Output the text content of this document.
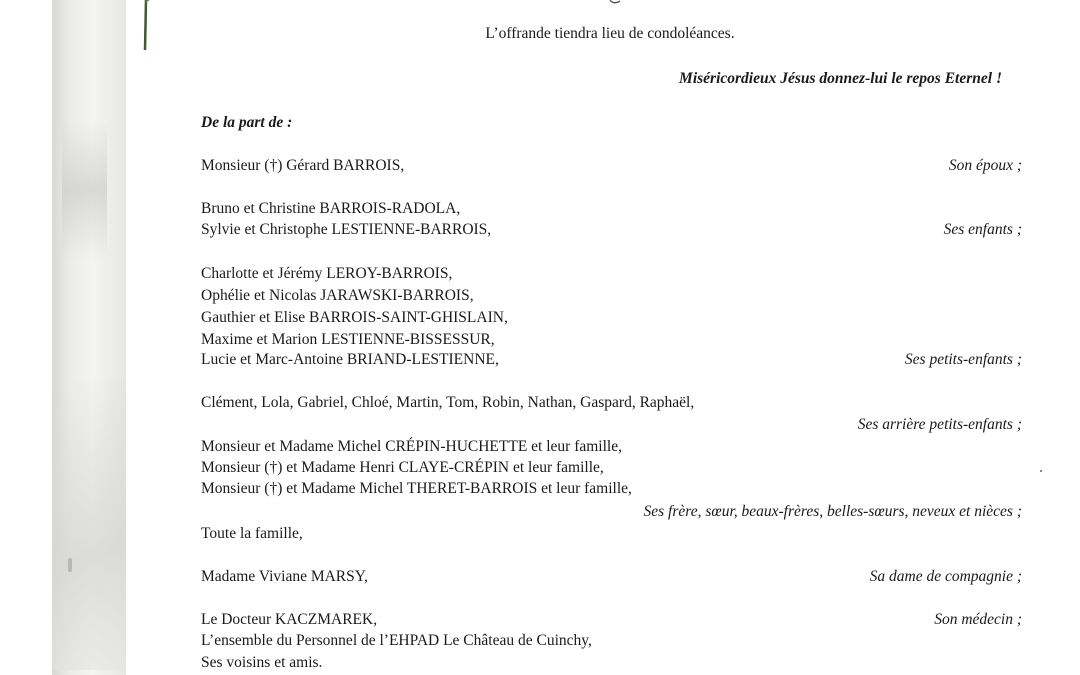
L’offrande tiendra lieu de condoléances.
Miséricordieux Jésus donnez-lui le repos Eternel !
De la part de :
Monsieur (†) Gérard BARROIS,	Son époux ;
Bruno et Christine BARROIS-RADOLA,
Sylvie et Christophe LESTIENNE-BARROIS,	Ses enfants ;
Charlotte et Jérémy LEROY-BARROIS,
Ophélie et Nicolas JARAWSKI-BARROIS,
Gauthier et Elise BARROIS-SAINT-GHISLAIN,
Maxime et Marion LESTIENNE-BISSESSUR,
Lucie et Marc-Antoine BRIAND-LESTIENNE,	Ses petits-enfants ;
Clément, Lola, Gabriel, Chloé, Martin, Tom, Robin, Nathan, Gaspard, Raphaël,
Ses arrière petits-enfants ;
Monsieur et Madame Michel CRÉPIN-HUCHETTE et leur famille,
Monsieur (†) et Madame Henri CLAYE-CRÉPIN et leur famille,
Monsieur (†) et Madame Michel THERET-BARROIS et leur famille,
Ses frère, sœur, beaux-frères, belles-sœurs, neveux et nièces ;
Toute la famille,
Madame Viviane MARSY,	Sa dame de compagnie ;
Le Docteur KACZMAREK,	Son médecin ;
L’ensemble du Personnel de l’EHPAD Le Château de Cuinchy,
Ses voisins et amis.
